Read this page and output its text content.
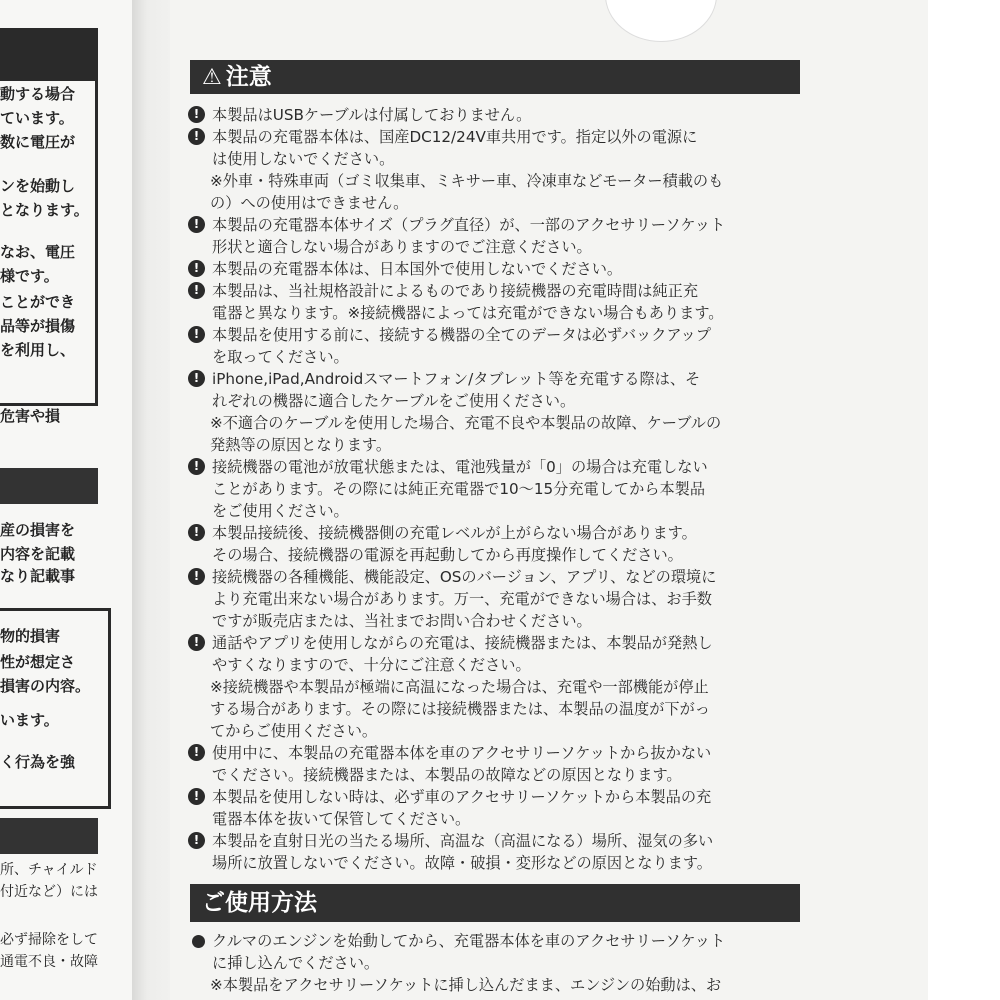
動する場合
ています。
数に電圧が
ンを始動し
となります。
なお、電圧
様です。
ことができ
品等が損傷
を利用し、
危害や損
産の損害を
内容を記載
なり記載事
物的損害
性が想定さ
損害の内容。
います。
く行為を強
所、チャイルド
付近など）には
必ず掃除をして
通電不良・故障
⚠ 注意
! 本製品はUSBケーブルは付属しておりません。
! 本製品の充電器本体は、国産DC12/24V車共用です。指定以外の電源に
は使用しないでください。
※外車・特殊車両（ゴミ収集車、ミキサー車、冷凍車などモーター積載のも
の）への使用はできません。
! 本製品の充電器本体サイズ（プラグ直径）が、一部のアクセサリーソケット
形状と適合しない場合がありますのでご注意ください。
! 本製品の充電器本体は、日本国外で使用しないでください。
! 本製品は、当社規格設計によるものであり接続機器の充電時間は純正充
電器と異なります。※接続機器によっては充電ができない場合もあります。
! 本製品を使用する前に、接続する機器の全てのデータは必ずバックアップ
を取ってください。
! iPhone,iPad,Androidスマートフォン/タブレット等を充電する際は、そ
れぞれの機器に適合したケーブルをご使用ください。
※不適合のケーブルを使用した場合、充電不良や本製品の故障、ケーブルの
発熱等の原因となります。
! 接続機器の電池が放電状態または、電池残量が「0」の場合は充電しない
ことがあります。その際には純正充電器で10〜15分充電してから本製品
をご使用ください。
! 本製品接続後、接続機器側の充電レベルが上がらない場合があります。
その場合、接続機器の電源を再起動してから再度操作してください。
! 接続機器の各種機能、機能設定、OSのバージョン、アプリ、などの環境に
より充電出来ない場合があります。万一、充電ができない場合は、お手数
ですが販売店または、当社までお問い合わせください。
! 通話やアプリを使用しながらの充電は、接続機器または、本製品が発熱し
やすくなりますので、十分にご注意ください。
※接続機器や本製品が極端に高温になった場合は、充電や一部機能が停止
する場合があります。その際には接続機器または、本製品の温度が下がっ
てからご使用ください。
! 使用中に、本製品の充電器本体を車のアクセサリーソケットから抜かない
でください。接続機器または、本製品の故障などの原因となります。
! 本製品を使用しない時は、必ず車のアクセサリーソケットから本製品の充
電器本体を抜いて保管してください。
! 本製品を直射日光の当たる場所、高温な（高温になる）場所、湿気の多い
場所に放置しないでください。故障・破損・変形などの原因となります。
ご使用方法
クルマのエンジンを始動してから、充電器本体を車のアクセサリーソケット
に挿し込んでください。
※本製品をアクセサリーソケットに挿し込んだまま、エンジンの始動は、お
